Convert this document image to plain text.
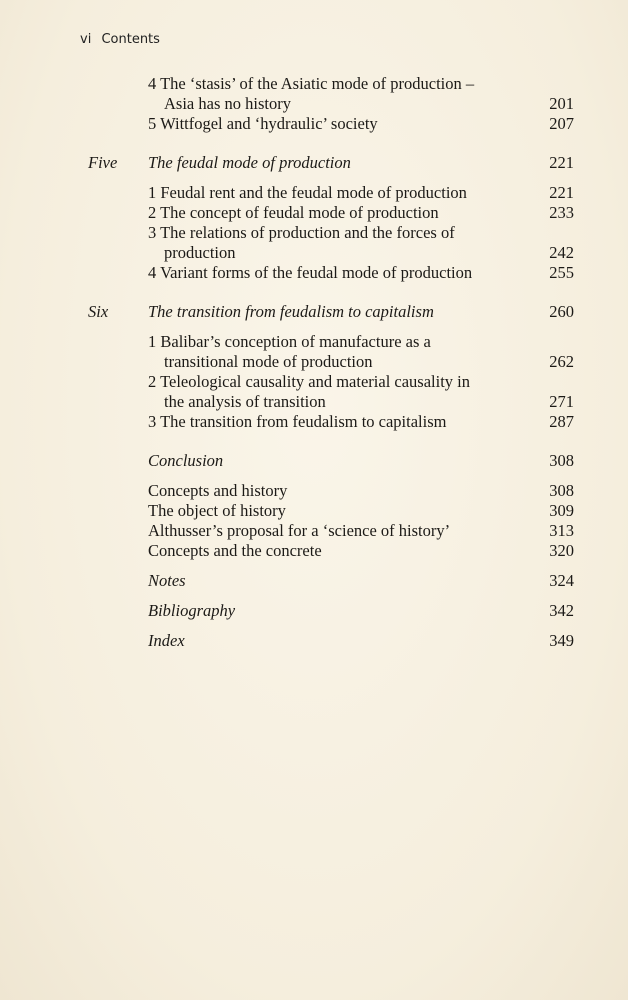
vi Contents
4 The ‘stasis’ of the Asiatic mode of production –
Asia has no history	201
5 Wittfogel and ‘hydraulic’ society	207
Five The feudal mode of production	221
1 Feudal rent and the feudal mode of production	221
2 The concept of feudal mode of production	233
3 The relations of production and the forces of
production	242
4 Variant forms of the feudal mode of production	255
Six The transition from feudalism to capitalism	260
1 Balibar’s conception of manufacture as a
transitional mode of production	262
2 Teleological causality and material causality in
the analysis of transition	271
3 The transition from feudalism to capitalism	287
Conclusion	308
Concepts and history	308
The object of history	309
Althusser’s proposal for a ‘science of history’	313
Concepts and the concrete	320
Notes	324
Bibliography	342
Index	349
